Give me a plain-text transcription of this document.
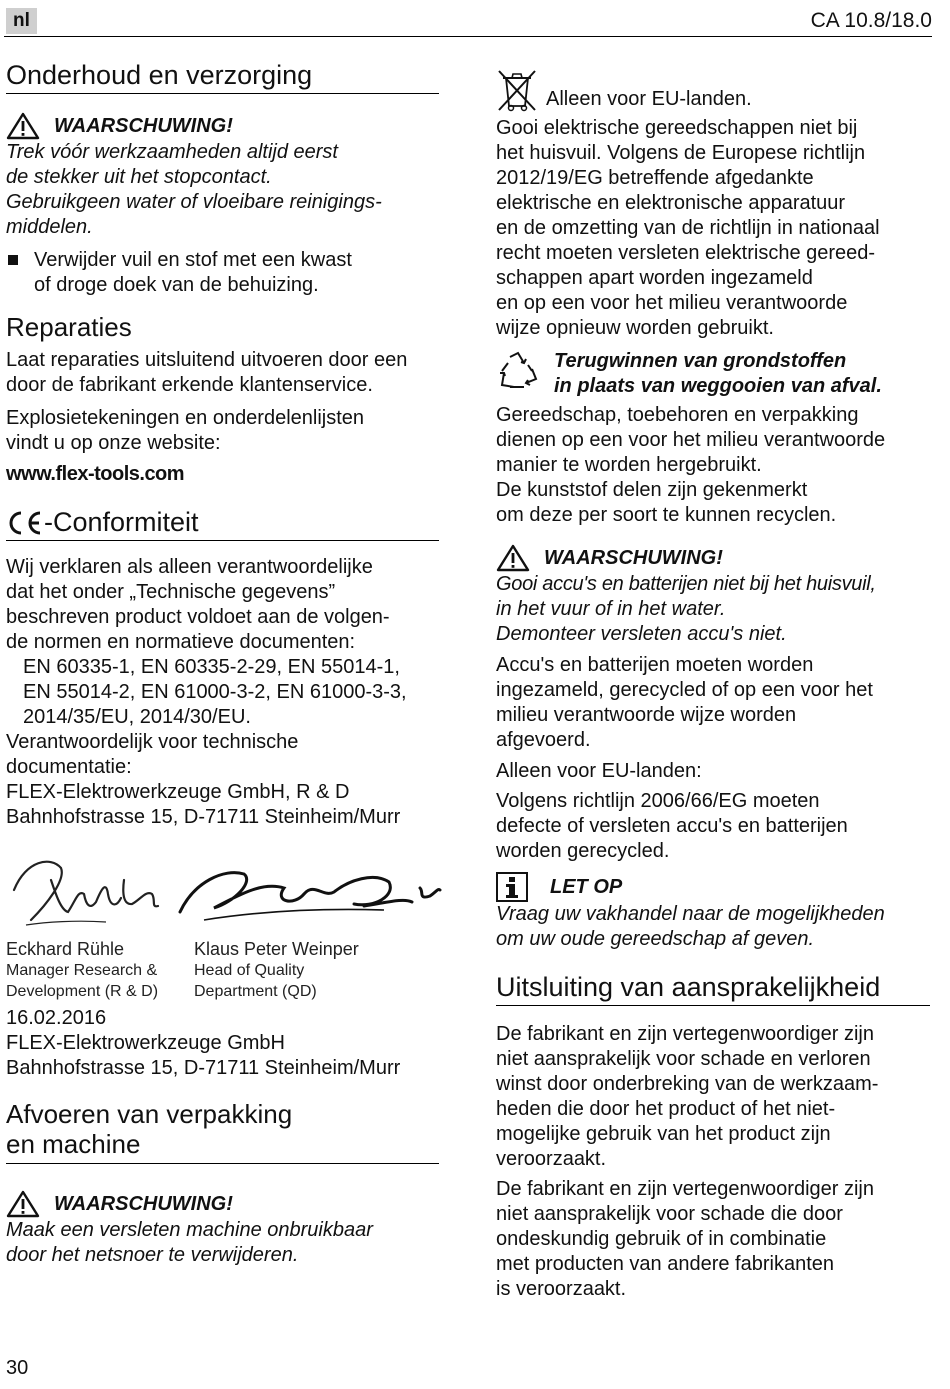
nl	CA 10.8/18.0
Onderhoud en verzorging
WAARSCHUWING!

Trek vóór werkzaamheden altijd eerst

de stekker uit het stopcontact.

Gebruikgeen water of vloeibare reinigings-

middelen.

Verwijder vuil en stof met een kwast

of droge doek van de behuizing.

Reparaties

Laat reparaties uitsluitend uitvoeren door een

door de fabrikant erkende klantenservice.

Explosietekeningen en onderdelenlijsten

vindt u op onze website:

www.flex-tools.com

-Conformiteit

Wij verklaren als alleen verantwoordelijke

dat het onder „Technische gegevens”

beschreven product voldoet aan de volgen-

de normen en normatieve documenten:

EN 60335-1, EN 60335-2-29, EN 55014-1,

EN 55014-2, EN 61000-3-2, EN 61000-3-3,

2014/35/EU, 2014/30/EU.

Verantwoordelijk voor technische

documentatie:

FLEX-Elektrowerkzeuge GmbH, R & D

Bahnhofstrasse 15, D-71711 Steinheim/Murr

Eckhard Rühle
Manager Research &
Development (R & D)
Klaus Peter Weinper
Head of Quality
Department (QD)

16.02.2016

FLEX-Elektrowerkzeuge GmbH

Bahnhofstrasse 15, D-71711 Steinheim/Murr

Afvoeren van verpakking
en machine
WAARSCHUWING!

Maak een versleten machine onbruikbaar

door het netsnoer te verwijderen.

Alleen voor EU-landen.

Gooi elektrische gereedschappen niet bij

het huisvuil. Volgens de Europese richtlijn

2012/19/EG betreffende afgedankte

elektrische en elektronische apparatuur

en de omzetting van de richtlijn in nationaal

recht moeten versleten elektrische gereed-

schappen apart worden ingezameld

en op een voor het milieu verantwoorde

wijze opnieuw worden gebruikt.

Terugwinnen van grondstoffen
in plaats van weggooien van afval.

Gereedschap, toebehoren en verpakking

dienen op een voor het milieu verantwoorde

manier te worden hergebruikt.

De kunststof delen zijn gekenmerkt

om deze per soort te kunnen recyclen.

WAARSCHUWING!

Gooi accu's en batterijen niet bij het huisvuil,

in het vuur of in het water.

Demonteer versleten accu's niet.

Accu's en batterijen moeten worden

ingezameld, gerecycled of op een voor het

milieu verantwoorde wijze worden

afgevoerd.

Alleen voor EU-landen:

Volgens richtlijn 2006/66/EG moeten

defecte of versleten accu's en batterijen

worden gerecycled.

LET OP

Vraag uw vakhandel naar de mogelijkheden

om uw oude gereedschap af geven.

Uitsluiting van aansprakelijkheid

De fabrikant en zijn vertegenwoordiger zijn

niet aansprakelijk voor schade en verloren

winst door onderbreking van de werkzaam-

heden die door het product of het niet-

mogelijke gebruik van het product zijn

veroorzaakt.

De fabrikant en zijn vertegenwoordiger zijn

niet aansprakelijk voor schade die door

ondeskundig gebruik of in combinatie

met producten van andere fabrikanten

is veroorzaakt.

30
